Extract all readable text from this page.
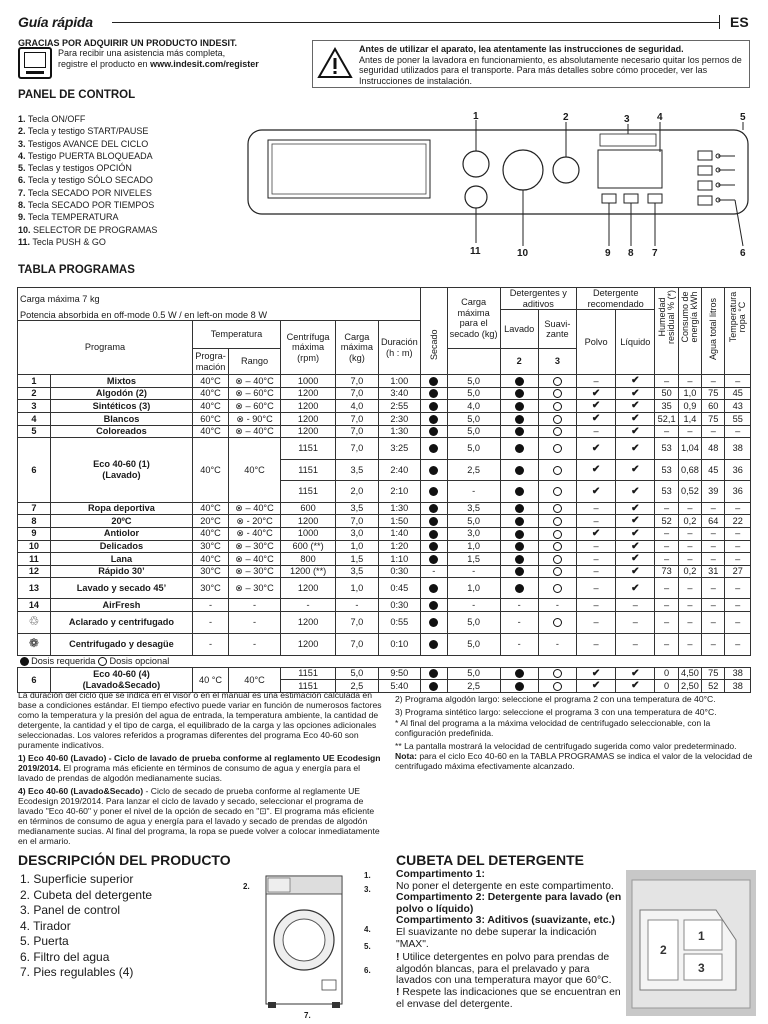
Guía rápida	ES
GRACIAS POR ADQUIRIR UN PRODUCTO INDESIT.
Para recibir una asistencia más completa,
registre el producto en www.indesit.com/register
Antes de utilizar el aparato, lea atentamente las instrucciones de seguridad.
Antes de poner la lavadora en funcionamiento, es absolutamente necesario quitar los pernos de seguridad utilizados para el transporte. Para más detalles sobre cómo proceder, ver las Instrucciones de instalación.
PANEL DE CONTROL
1. Tecla ON/OFF
2. Tecla y testigo START/PAUSE
3. Testigos AVANCE DEL CICLO
4. Testigo PUERTA BLOQUEADA
5. Teclas y testigos OPCIÓN
6. Tecla y testigo SÓLO SECADO
7. Tecla SECADO POR NIVELES
8. Tecla SECADO POR TIEMPOS
9. Tecla TEMPERATURA
10. SELECTOR DE PROGRAMAS
11. Tecla PUSH & GO
1	2	3	4	5
6
7
8
9
10
11
TABLA PROGRAMAS
Carga máxima 7 kg							Secado	Carga máxima para el secado (kg)	Detergentes y aditivos		Detergente recomendado		Humedad residual % (*)	Consumo de energía kWh	Agua total litros	Temperatura ropa °C

Potencia absorbida en off-mode 0.5 W / en left-on mode 8 W									Lavado	Suavi-zante	Polvo	Líquido				
Programa		Temperatura		Centrífuga máxima (rpm)	Carga máxima (kg)	Duración (h : m)										
		Progra-mación	Rango						2	3						
1	Mixtos	40°C	⊗ – 40°C	1000	7,0	1:00		5,0			–	✔	–	–	–	–
2	Algodón (2)	40°C	⊗ – 60°C	1200	7,0	3:40		5,0			✔	✔	50	1,0	75	45
3	Sintéticos (3)	40°C	⊗ – 60°C	1200	4,0	2:55		4,0			✔	✔	35	0,9	60	43
4	Blancos	60°C	⊗ - 90°C	1200	7,0	2:30		5,0			✔	✔	52,1	1,4	75	55
5	Coloreados	40°C	⊗ – 40°C	1200	7,0	1:30		5,0			–	✔	–	–	–	–
6	Eco 40-60 (1)
(Lavado)	40°C	40°C	1151	7,0	3:25		5,0			✔	✔	53	1,04	48	38
				1151	3,5	2:40		2,5			✔	✔	53	0,68	45	36
				1151	2,0	2:10		-			✔	✔	53	0,52	39	36
7	Ropa deportiva	40°C	⊗ – 40°C	600	3,5	1:30		3,5			–	✔	–	–	–	–
8	20ºC	20°C	⊗ - 20°C	1200	7,0	1:50		5,0			–	✔	52	0,2	64	22
9	Antiolor	40°C	⊗ - 40°C	1000	3,0	1:40		3,0			✔	✔	–	–	–	–
10	Delicados	30°C	⊗ – 30°C	600 (**)	1,0	1:20		1,0			–	✔	–	–	–	–
11	Lana	40°C	⊗ – 40°C	800	1,5	1:10		1,5			–	✔	–	–	–	–
12	Rápido 30’	30°C	⊗ – 30°C	1200 (**)	3,5	0:30	-	-			–	✔	73	0,2	31	27
13	Lavado y secado 45’	30°C	⊗ – 30°C	1200	1,0	0:45		1,0			–	✔	–	–	–	–
14	AirFresh	-	-	-	-	0:30		-	-	-	–	–	–	–	–	–
♲	Aclarado y centrifugado	-	-	1200	7,0	0:55		5,0	-		–	–	–	–	–	–
❁	Centrifugado y desagüe	-	-	1200	7,0	0:10		5,0	-	-	–	–	–	–	–	–
Dosis requerida Dosis opcional																
6	Eco 40-60 (4)
(Lavado&Secado)	40 °C	40°C	1151	5,0	9:50		5,0			✔	✔	0	4,50	75	38
				1151	2,5	5:40		2,5			✔	✔	0	2,50	52	38
La duración del ciclo que se indica en el visor o en el manual es una estimación calculada en base a condiciones estándar. El tiempo efectivo puede variar en función de numerosos factores como la temperatura y la presión del agua de entrada, la temperatura ambiente, la cantidad de detergente, la cantidad y el tipo de carga, el equilibrado de la carga y las opciones adicionales seleccionadas. Los valores referidos a programas diferentes del programa Eco 40-60 son puramente indicativos.
1) Eco 40-60 (Lavado) - Ciclo de lavado de prueba conforme al reglamento UE Ecodesign 2019/2014. El programa más eficiente en términos de consumo de agua y energía para el lavado de prendas de algodón medianamente sucias.
4) Eco 40-60 (Lavado&Secado) - Ciclo de secado de prueba conforme al reglamente UE Ecodesign 2019/2014. Para lanzar el ciclo de lavado y secado, seleccionar el programa de lavado "Eco 40-60" y poner el nivel de la opción de secado en "⊡". El programa más eficiente en términos de consumo de agua y energía para el lavado y secado de prendas de algodón medianamente sucias. Al final del programa, la ropa se puede volver a colocar inmediatamente en el armario.
2) Programa algodón largo: seleccione el programa 2 con una temperatura de 40°C.
3) Programa sintético largo: seleccione el programa 3 con una temperatura de 40°C.
* Al final del programa a la máxima velocidad de centrifugado seleccionable, con la configuración predefinida.
** La pantalla mostrará la velocidad de centrifugado sugerida como valor predeterminado.
Nota: para el ciclo Eco 40-60 en la TABLA PROGRAMAS se indica el valor de la velocidad de centrifugado máxima efectivamente alcanzado.
DESCRIPCIÓN DEL PRODUCTO
1. Superficie superior
2. Cubeta del detergente
3. Panel de control
4. Tirador
5. Puerta
6. Filtro del agua
7. Pies regulables (4)
1.
2.	3.
4.
5.
6.
7.
CUBETA DEL DETERGENTE
Compartimento 1:
No poner el detergente en este compartimento.
Compartimento 2: Detergente para lavado (en polvo o líquido)
Compartimento 3: Aditivos (suavizante, etc.)
El suavizante no debe superar la indicación "MAX".
! Utilice detergentes en polvo para prendas de algodón blancas, para el prelavado y para lavados con una temperatura mayor que 60°C.
! Respete las indicaciones que se encuentran en el envase del detergente.
2
1
3
